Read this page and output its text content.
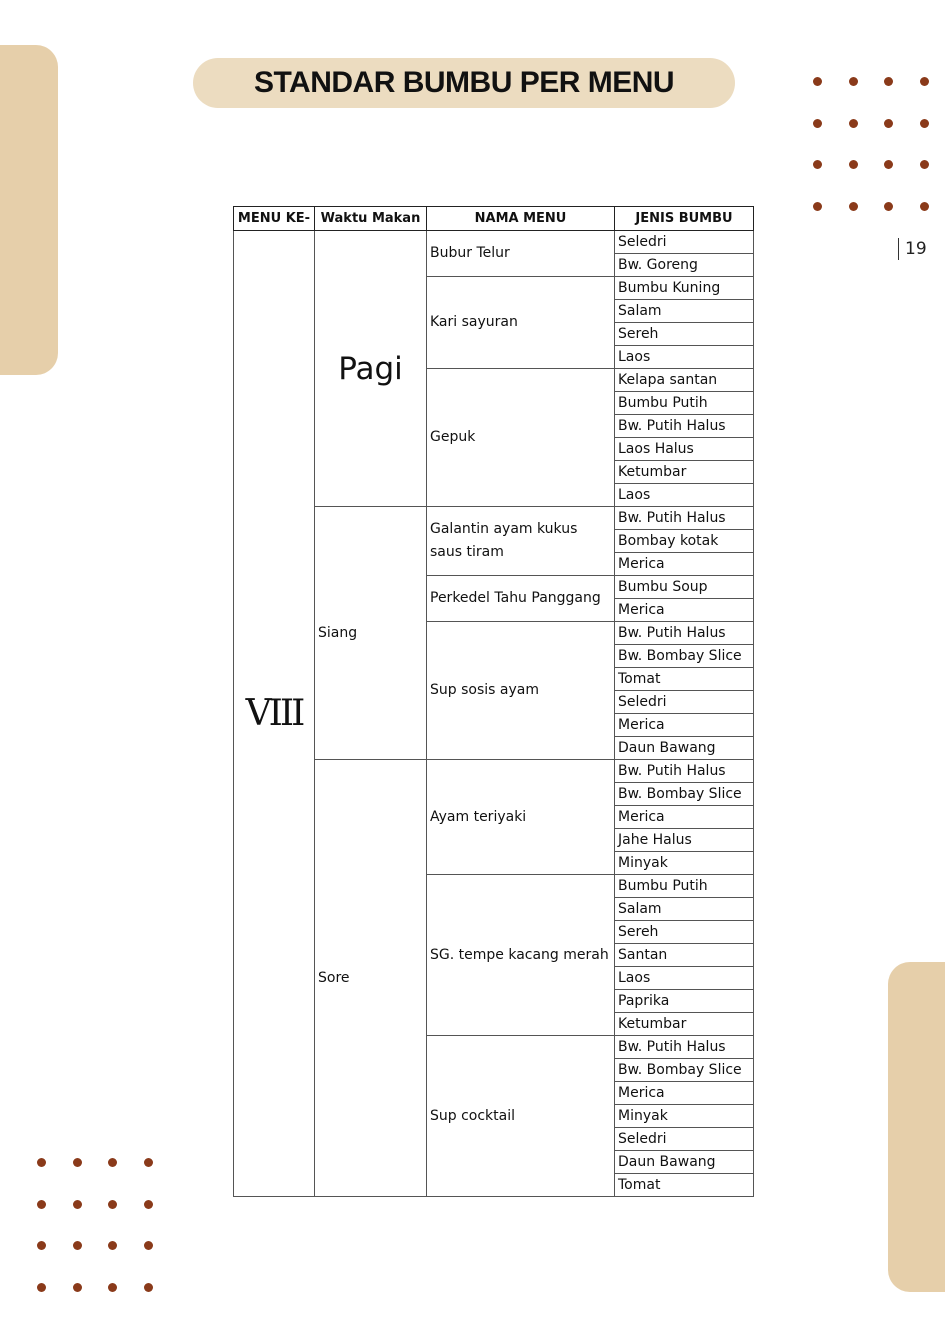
STANDAR BUMBU PER MENU
19
MENU KE-	Waktu Makan	NAMA MENU	JENIS BUMBU
VIII	Pagi	Bubur Telur	Seledri
			Bw. Goreng
		Kari sayuran	Bumbu Kuning
			Salam
			Sereh
			Laos
		Gepuk	Kelapa santan
			Bumbu Putih
			Bw. Putih Halus
			Laos Halus
			Ketumbar
			Laos
	Siang	Galantin ayam kukus saus tiram	Bw. Putih Halus
			Bombay kotak
			Merica
		Perkedel Tahu Panggang	Bumbu Soup
			Merica
		Sup sosis ayam	Bw. Putih Halus
			Bw. Bombay Slice
			Tomat
			Seledri
			Merica
			Daun Bawang
	Sore	Ayam teriyaki	Bw. Putih Halus
			Bw. Bombay Slice
			Merica
			Jahe Halus
			Minyak
		SG. tempe kacang merah	Bumbu Putih
			Salam
			Sereh
			Santan
			Laos
			Paprika
			Ketumbar
		Sup cocktail	Bw. Putih Halus
			Bw. Bombay Slice
			Merica
			Minyak
			Seledri
			Daun Bawang
			Tomat
